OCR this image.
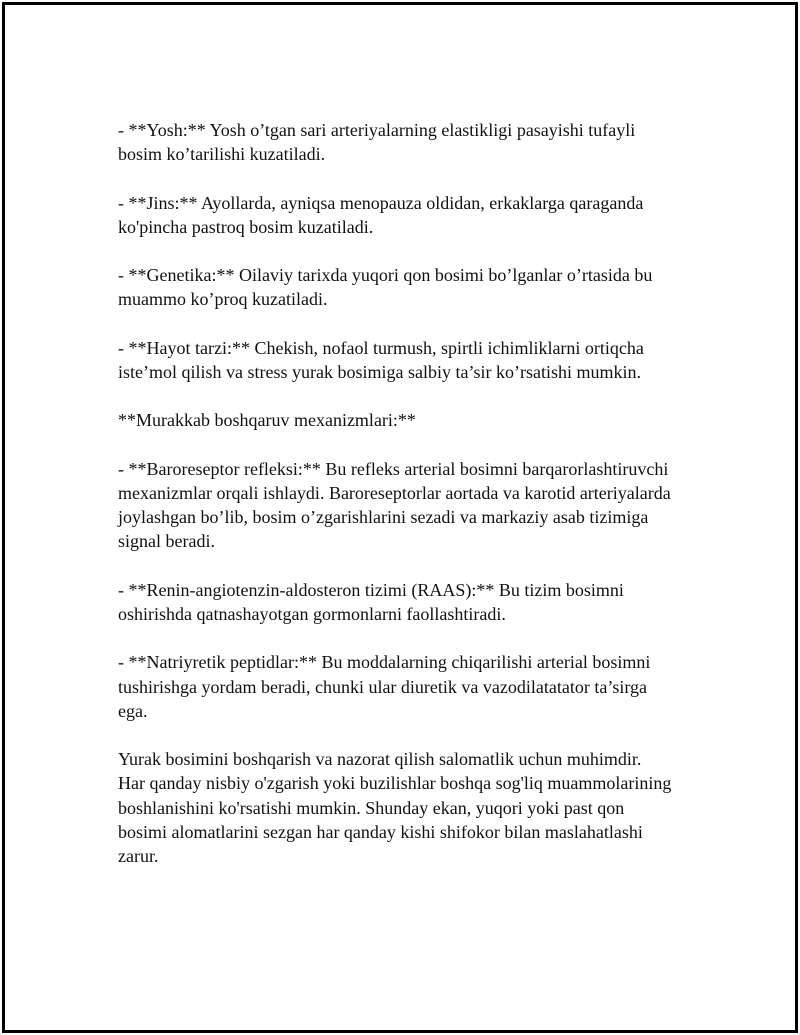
- **Yosh:** Yosh o’tgan sari arteriyalarning elastikligi pasayishi tufayli
bosim ko’tarilishi kuzatiladi.

- **Jins:** Ayollarda, ayniqsa menopauza oldidan, erkaklarga qaraganda
ko'pincha pastroq bosim kuzatiladi.

- **Genetika:** Oilaviy tarixda yuqori qon bosimi bo’lganlar o’rtasida bu
muammo ko’proq kuzatiladi.

- **Hayot tarzi:** Chekish, nofaol turmush, spirtli ichimliklarni ortiqcha
iste’mol qilish va stress yurak bosimiga salbiy ta’sir ko’rsatishi mumkin.

**Murakkab boshqaruv mexanizmlari:**

- **Baroreseptor refleksi:** Bu refleks arterial bosimni barqarorlashtiruvchi
mexanizmlar orqali ishlaydi. Baroreseptorlar aortada va karotid arteriyalarda
joylashgan bo’lib, bosim o’zgarishlarini sezadi va markaziy asab tizimiga
signal beradi.

- **Renin-angiotenzin-aldosteron tizimi (RAAS):** Bu tizim bosimni
oshirishda qatnashayotgan gormonlarni faollashtiradi.

- **Natriyretik peptidlar:** Bu moddalarning chiqarilishi arterial bosimni
tushirishga yordam beradi, chunki ular diuretik va vazodilatatator ta’sirga
ega.

Yurak bosimini boshqarish va nazorat qilish salomatlik uchun muhimdir.
Har qanday nisbiy o'zgarish yoki buzilishlar boshqa sog'liq muammolarining
boshlanishini ko'rsatishi mumkin. Shunday ekan, yuqori yoki past qon
bosimi alomatlarini sezgan har qanday kishi shifokor bilan maslahatlashi
zarur.
